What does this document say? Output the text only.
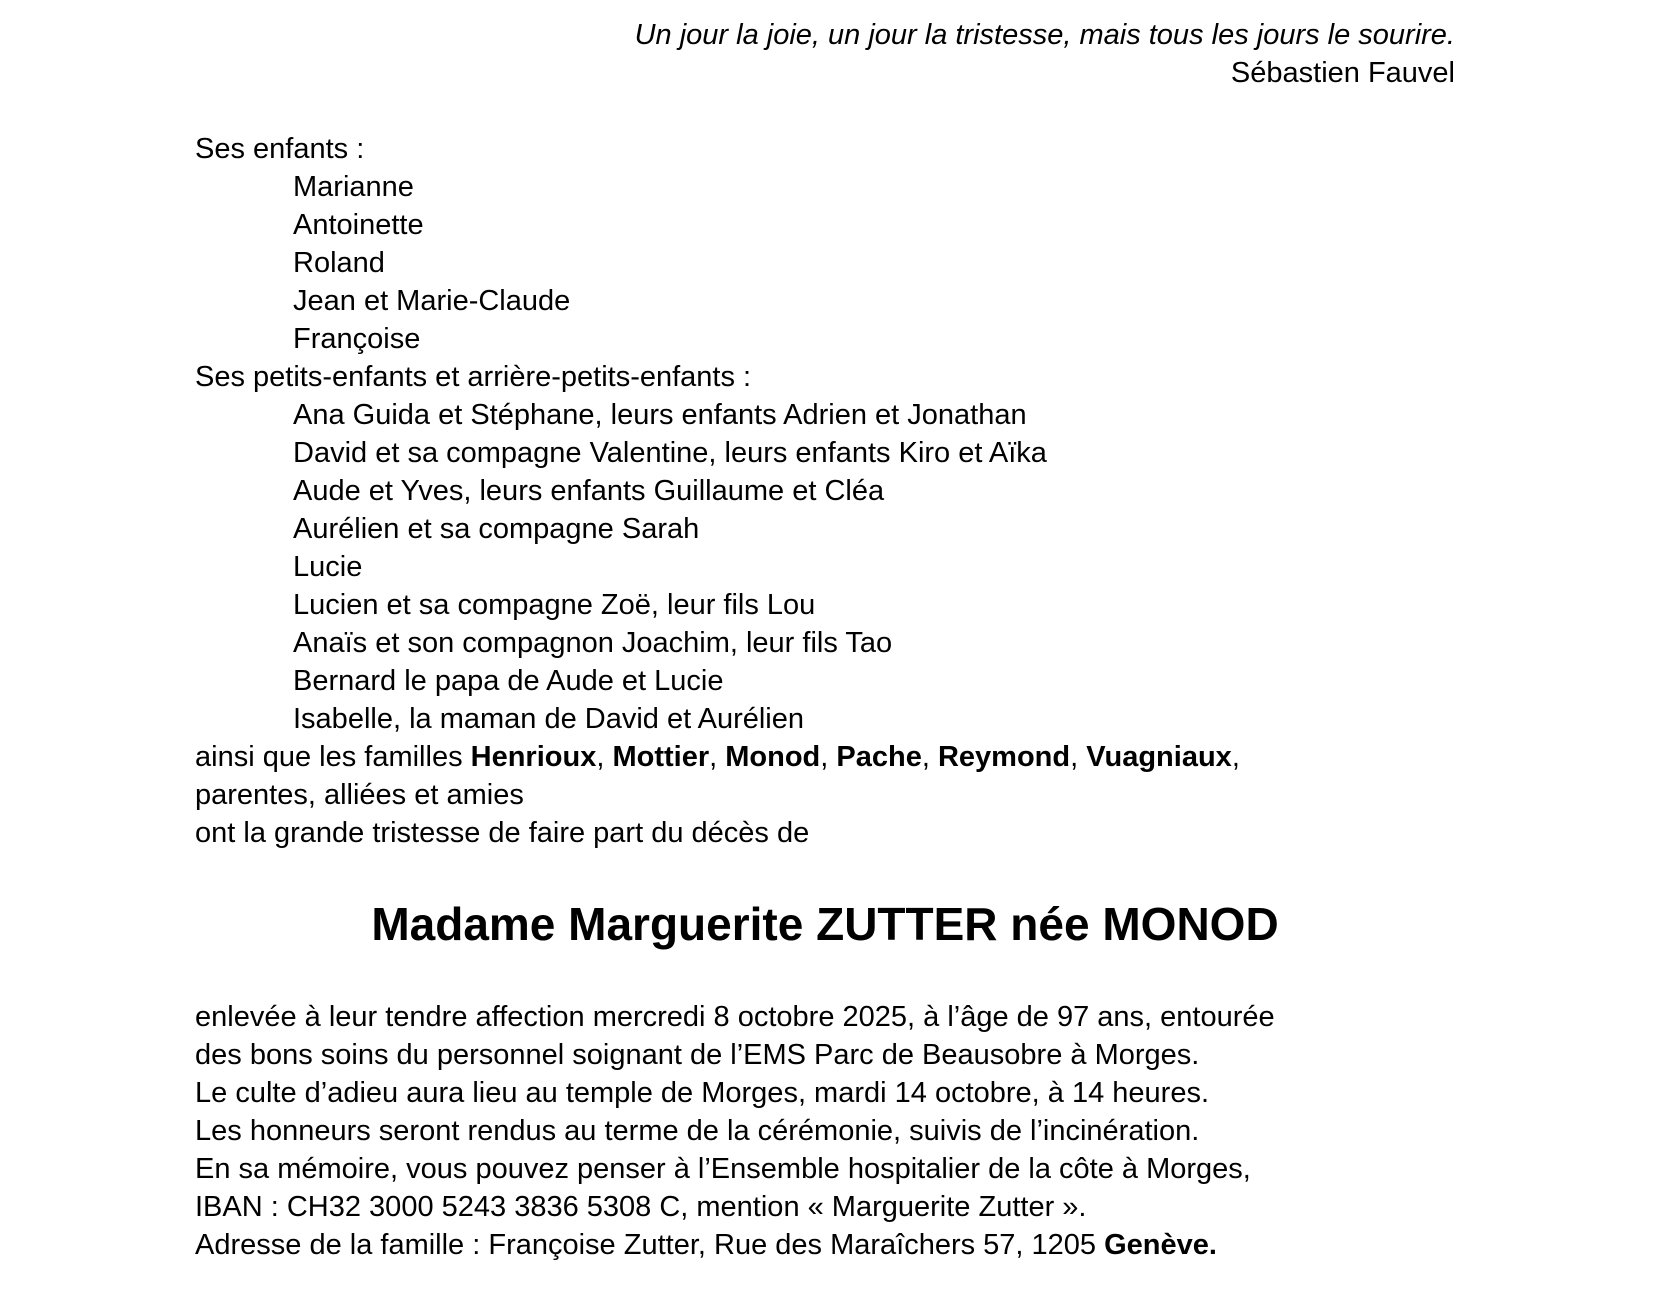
Un jour la joie, un jour la tristesse, mais tous les jours le sourire.
Sébastien Fauvel
Ses enfants :
Marianne
Antoinette
Roland
Jean et Marie-Claude
Françoise
Ses petits-enfants et arrière-petits-enfants :
Ana Guida et Stéphane, leurs enfants Adrien et Jonathan
David et sa compagne Valentine, leurs enfants Kiro et Aïka
Aude et Yves, leurs enfants Guillaume et Cléa
Aurélien et sa compagne Sarah
Lucie
Lucien et sa compagne Zoë, leur fils Lou
Anaïs et son compagnon Joachim, leur fils Tao
Bernard le papa de Aude et Lucie
Isabelle, la maman de David et Aurélien
ainsi que les familles Henrioux, Mottier, Monod, Pache, Reymond, Vuagniaux,
parentes, alliées et amies
ont la grande tristesse de faire part du décès de
Madame Marguerite ZUTTER née MONOD
enlevée à leur tendre affection mercredi 8 octobre 2025, à l’âge de 97 ans, entourée
des bons soins du personnel soignant de l’EMS Parc de Beausobre à Morges.
Le culte d’adieu aura lieu au temple de Morges, mardi 14 octobre, à 14 heures.
Les honneurs seront rendus au terme de la cérémonie, suivis de l’incinération.
En sa mémoire, vous pouvez penser à l’Ensemble hospitalier de la côte à Morges,
IBAN : CH32 3000 5243 3836 5308 C, mention « Marguerite Zutter ».
Adresse de la famille : Françoise Zutter, Rue des Maraîchers 57, 1205 Genève.
